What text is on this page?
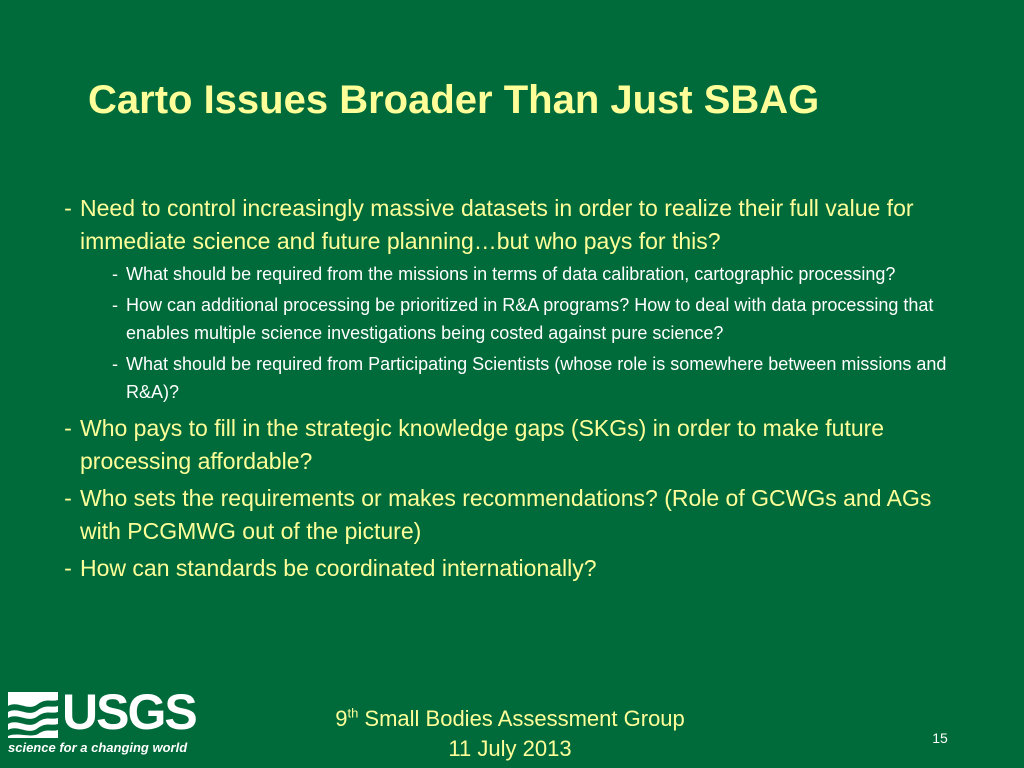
Carto Issues Broader Than Just SBAG
- Need to control increasingly massive datasets in order to realize their full value for immediate science and future planning…but who pays for this?
- What should be required from the missions in terms of data calibration, cartographic processing?
- How can additional processing be prioritized in R&A programs? How to deal with data processing that enables multiple science investigations being costed against pure science?
- What should be required from Participating Scientists (whose role is somewhere between missions and R&A)?
- Who pays to fill in the strategic knowledge gaps (SKGs) in order to make future processing affordable?
- Who sets the requirements or makes recommendations? (Role of GCWGs and AGs with PCGMWG out of the picture)
- How can standards be coordinated internationally?
USGS
science for a changing world
9th Small Bodies Assessment Group
11 July 2013	15
